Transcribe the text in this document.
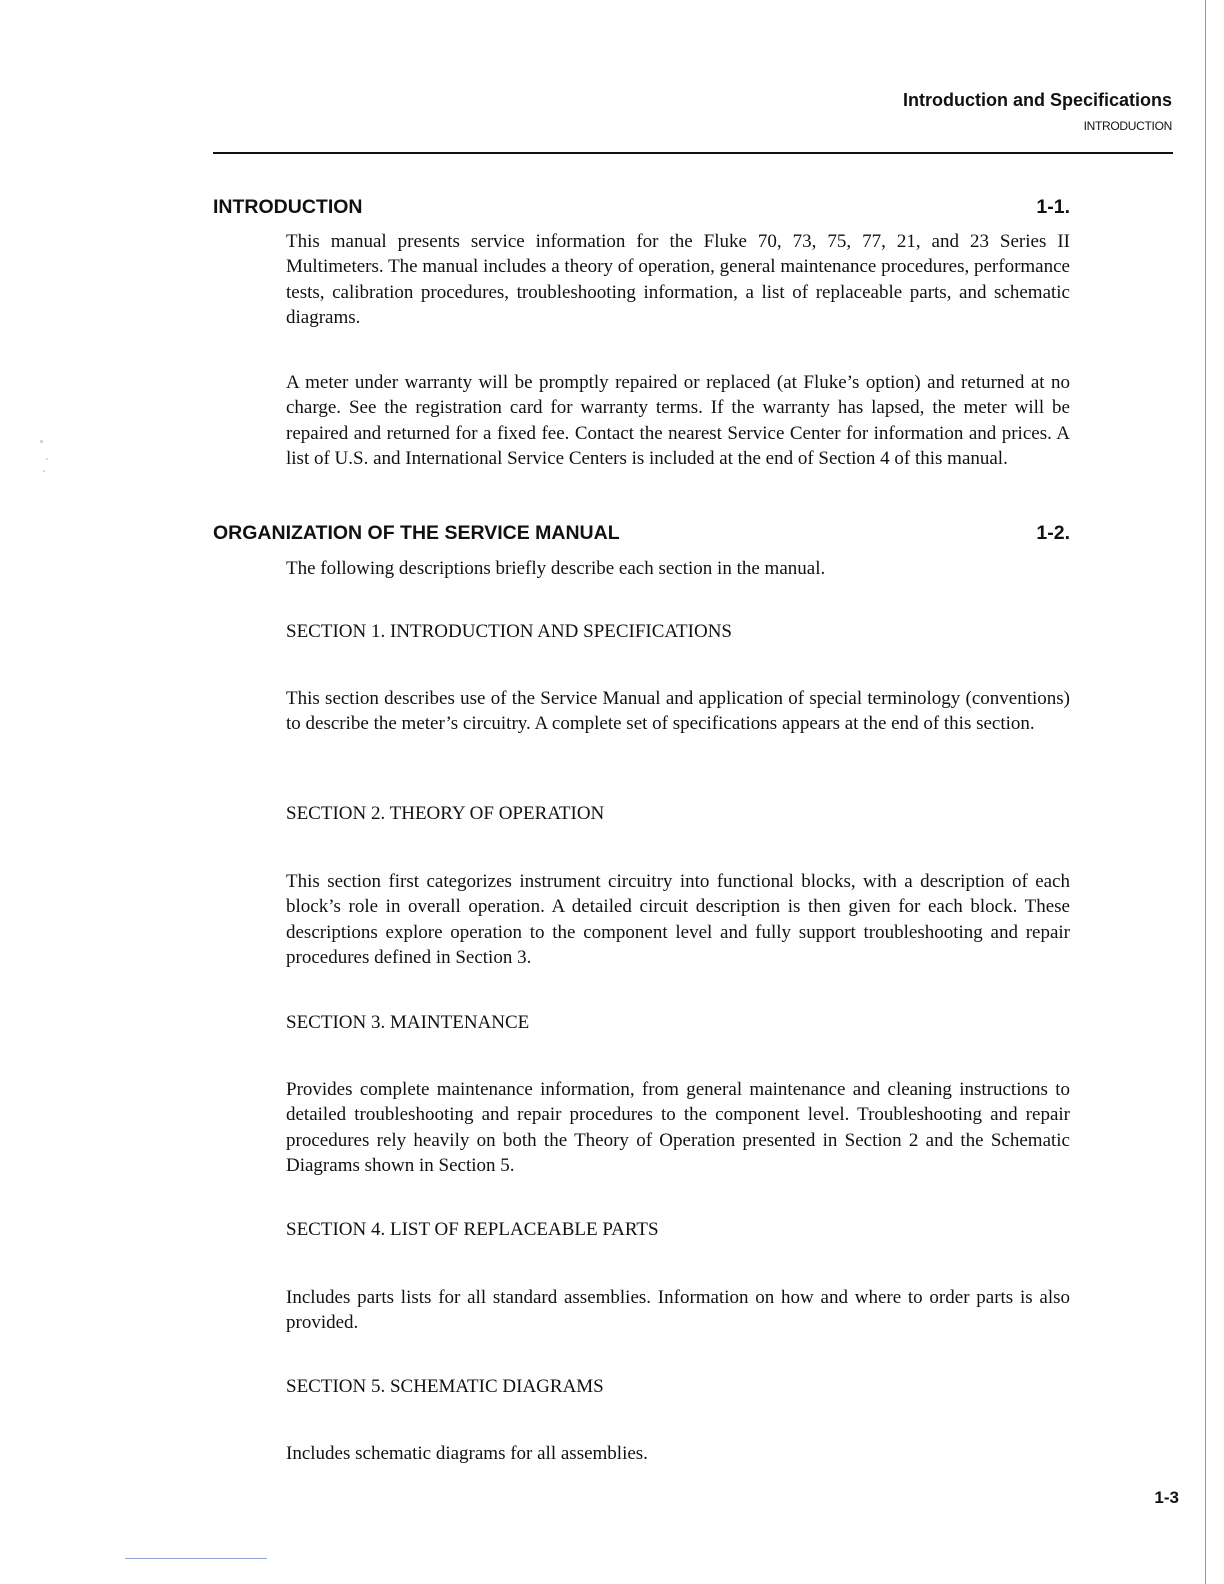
Introduction and Specifications
INTRODUCTION
INTRODUCTION	1-1.

This manual presents service information for the Fluke 70, 73, 75, 77, 21, and 23 Series II Multimeters. The manual includes a theory of operation, general maintenance procedures, performance tests, calibration procedures, troubleshooting information, a list of replaceable parts, and schematic diagrams.

A meter under warranty will be promptly repaired or replaced (at Fluke’s option) and returned at no charge. See the registration card for warranty terms. If the warranty has lapsed, the meter will be repaired and returned for a fixed fee. Contact the nearest Service Center for information and prices. A list of U.S. and International Service Centers is included at the end of Section 4 of this manual.

ORGANIZATION OF THE SERVICE MANUAL	1-2.

The following descriptions briefly describe each section in the manual.

SECTION 1. INTRODUCTION AND SPECIFICATIONS

This section describes use of the Service Manual and application of special terminology (conventions) to describe the meter’s circuitry. A complete set of specifications appears at the end of this section.

SECTION 2. THEORY OF OPERATION

This section first categorizes instrument circuitry into functional blocks, with a description of each block’s role in overall operation. A detailed circuit description is then given for each block. These descriptions explore operation to the component level and fully support troubleshooting and repair procedures defined in Section 3.

SECTION 3. MAINTENANCE

Provides complete maintenance information, from general maintenance and cleaning instructions to detailed troubleshooting and repair procedures to the component level. Troubleshooting and repair procedures rely heavily on both the Theory of Operation presented in Section 2 and the Schematic Diagrams shown in Section 5.

SECTION 4. LIST OF REPLACEABLE PARTS

Includes parts lists for all standard assemblies. Information on how and where to order parts is also provided.

SECTION 5. SCHEMATIC DIAGRAMS

Includes schematic diagrams for all assemblies.

1-3
